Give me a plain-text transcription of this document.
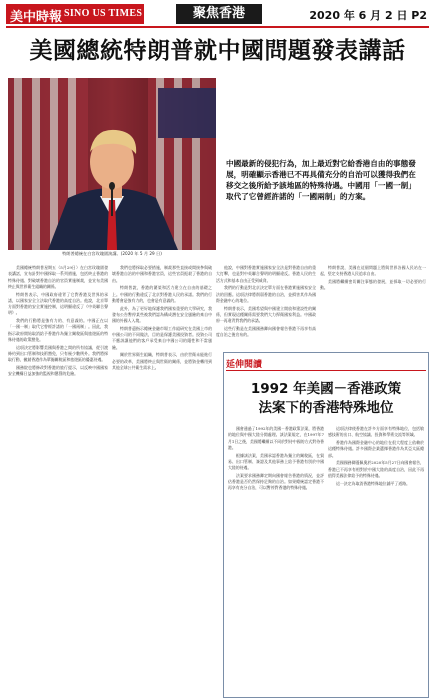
美中時報 SINO US TIMES	聚焦香港	2020 年 6 月 2 日 P2
美國總統特朗普就中國問題發表講話
特朗普總統在白宮玫瑰園演講。(2020 年 5 月 29 日)
中國最新的侵犯行為，加上最近對它給香港自由的事態發展，明確顯示香港已不再具備充分的自治可以獲得我們在移交之後所給予該地區的特殊待遇。中國用「一國一制」取代了它曾經許諾的「一國兩制」的方案。

美國總統特朗普星期五（5月29日）在白宮玫瑰園發表講話，宣布針對中國採取一系列措施，包括終止香港的特殊待遇、對破壞香港自治的官員實施制裁，並宣布美國終止與世界衛生組織的關係。

特朗普表示，中國政府違背了它對香港及世界的承諾，以國家安全立法取代香港的高度自治。他說，北京單方面對香港的安全實施控制，這明顯違反了《中英聯合聲明》。

我們的行動將是強有力的、有意義的。中國正在以「一國一制」取代它曾經許諾的「一國兩制」。因此，我指示政府開始取消給予香港作為獨立關稅區與旅遊區的特殊待遇的政策豁免。

這項決定將影響美國與香港之間的所有協議，從引渡條約到出口管制和技術豁免，只有極少數例外。我們將採取行動，撤銷香港作為單獨關稅區和旅遊區的優惠待遇。

國務院也將修改對香港的旅行提示，以反映中國國家安全機構日益加強的監視和懲罰的危險。

我們也將採取必要措施，制裁那些直接或間接參與破壞香港自治的中國和香港官員，這些官員扼殺了香港的自由。

特朗普說，香港的繁榮和活力建立在自由的基礎之上。中國的行動違反了北京對香港人民的承諾。我們的行動將會是強有力的，也會是有意義的。

此外，為了更好地保護我們國家重要的大學研究，我發布公告暫停某些被我們認為構成潛在安全風險的來自中國的外國人入境。

特朗普還指示總統金融市場工作組研究在美國上市的中國公司的不同做法，目的是保護美國投資者。投資公司不應該讓他們的客戶承受來自中國公司的隱性和不當風險。

關於世界衛生組織，特朗普表示，由於世衛未能進行必要的改革，美國將終止與世衛的關係，並將資金轉用到其他全球公共衛生需求上。

他說，中國對香港實施國家安全法是對香港自由的重大打擊，也是對中英聯合聲明的明顯違反。香港人民的生活方式和基本自由正受到威脅。

我們的行動是對北京決定單方面在香港實施國家安全法的回應。這項法律將削弱香港的自治，並損害其作為國際金融中心的地位。

特朗普表示，美國希望與中國建立開放和建設性的關係，但實現這種關係需要我們大力捍衛國家利益。中國政府一再違背對我們的承諾。

這些行動是在美國國務卿向國會報告香港不再享有高度自治之後宣布的。

特朗普說，美國在這個問題上將與世界各國人民站在一起，堅定支持香港人民追求自由。

美國將繼續密切關注事態的發展，並採取一切必要的行動。

延伸閱讀
1992 年美國－香港政策
法案下的香港特殊地位

國會通過了1992年的美國－香港政策法案，將香港的地位與中國大陸分開處理。該法案規定，在1997年7月1日之後，美國將繼續以不同於對待中國的方式對待香港。

根據該法案，美國承認香港為獨立的關稅區，在貿易、出口管制、簽證及其他事務上給予香港有別於中國大陸的待遇。

法案要求國務卿定期向國會報告香港的情況，並評估香港是否仍然保持足夠的自治。如果總統認定香港不再享有充分自治，可以暫停對香港的特殊待遇。

這項法律使香港在許多方面享有特殊地位，包括敏感技術的出口、航空協議、投資和學術交流等領域。

香港作為國際金融中心的地位在很大程度上依賴於這種特殊待遇。許多國際企業選擇香港作為其亞太區總部。

美國國務卿蓬佩奧於2020年5月27日向國會報告，香港已不再享有相對於中國大陸的高度自治，因此不再值得美國法律給予的特殊待遇。

這一決定為取消香港特殊地位鋪平了道路。
